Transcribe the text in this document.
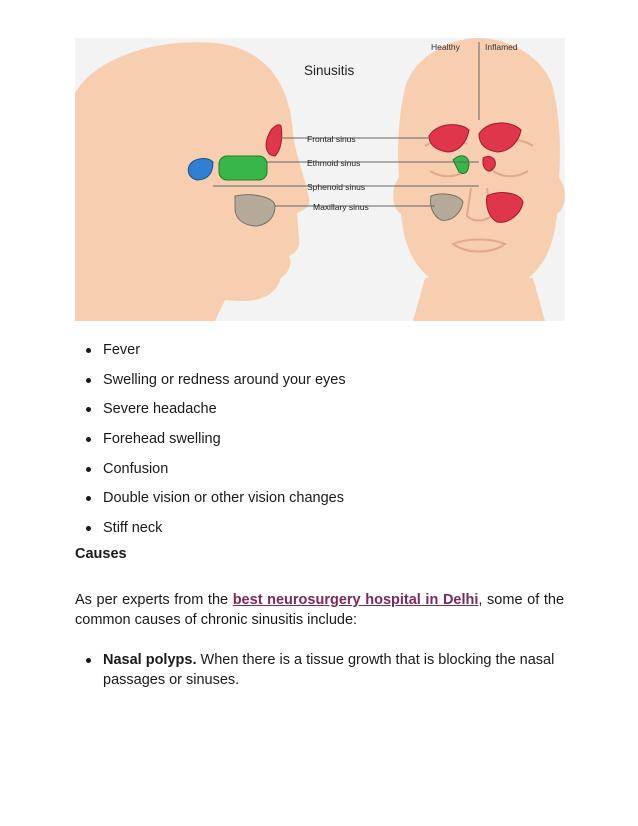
Sinusitis
Healthy	Inflamed
Frontal sinus
Ethmoid sinus
Sphenoid sinus
Maxillary sinus
Fever
Swelling or redness around your eyes
Severe headache
Forehead swelling
Confusion
Double vision or other vision changes
Stiff neck
Causes

As per experts from the best neurosurgery hospital in Delhi, some of the common causes of chronic sinusitis include:

Nasal polyps. When there is a tissue growth that is blocking the nasal passages or sinuses.
